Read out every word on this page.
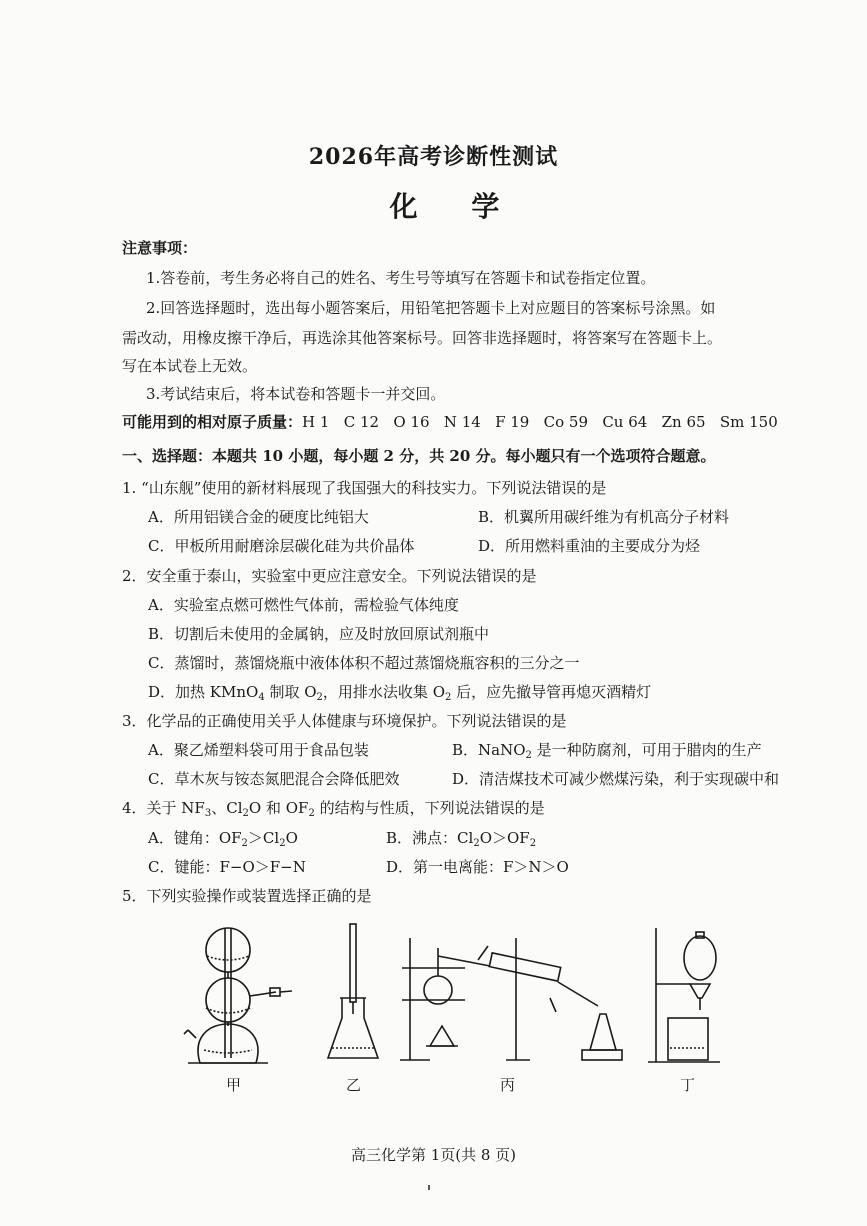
2026年高考诊断性测试
化 学
注意事项：
1.答卷前，考生务必将自己的姓名、考生号等填写在答题卡和试卷指定位置。
2.回答选择题时，选出每小题答案后，用铅笔把答题卡上对应题目的答案标号涂黑。如
需改动，用橡皮擦干净后，再选涂其他答案标号。回答非选择题时，将答案写在答题卡上。
写在本试卷上无效。
3.考试结束后，将本试卷和答题卡一并交回。
可能用到的相对原子质量：H 1   C 12   O 16   N 14   F 19   Co 59   Cu 64   Zn 65   Sm 150
一、选择题：本题共 10 小题，每小题 2 分，共 20 分。每小题只有一个选项符合题意。
1. “山东舰”使用的新材料展现了我国强大的科技实力。下列说法错误的是
A．所用铝镁合金的硬度比纯铝大	B．机翼所用碳纤维为有机高分子材料
C．甲板所用耐磨涂层碳化硅为共价晶体	D．所用燃料重油的主要成分为烃
2．安全重于泰山，实验室中更应注意安全。下列说法错误的是
A．实验室点燃可燃性气体前，需检验气体纯度
B．切割后未使用的金属钠，应及时放回原试剂瓶中
C．蒸馏时，蒸馏烧瓶中液体体积不超过蒸馏烧瓶容积的三分之一
D．加热 KMnO$_4$ 制取 $O_2$，用排水法收集 $O_2$ 后，应先撤导管再熄灭酒精灯
3．化学品的正确使用关乎人体健康与环境保护。下列说法错误的是
A．聚乙烯塑料袋可用于食品包装	B．NaNO$_2$ 是一种防腐剂，可用于腊肉的生产
C．草木灰与铵态氮肥混合会降低肥效	D．清洁煤技术可减少燃煤污染，利于实现碳中和
4．关于 $NF_3$、$Cl_2O$ 和 $OF_2$ 的结构与性质，下列说法错误的是
A．键角：$OF_2>Cl_2O$	B．沸点：$Cl_2O>OF_2$
C．键能：F−O＞F−N	D．第一电离能：F＞N＞O
5．下列实验操作或装置选择正确的是
甲	乙	丙	丁
高三化学第 1页(共 8 页)
